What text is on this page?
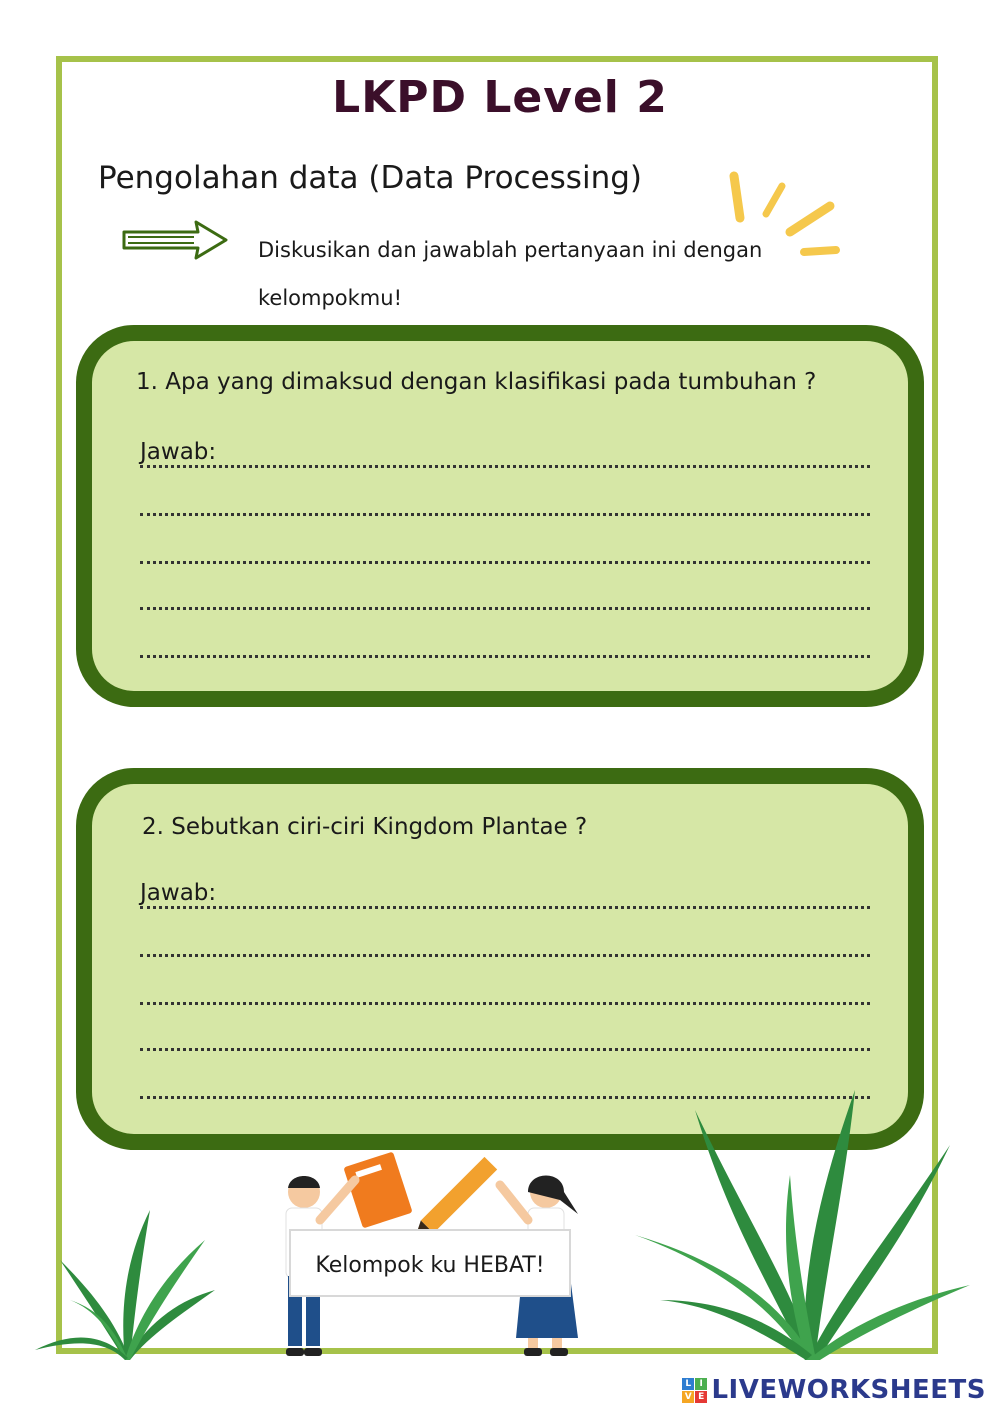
LKPD Level 2
Pengolahan data (Data Processing)
Diskusikan dan jawablah pertanyaan ini dengan
kelompokmu!
1. Apa yang dimaksud dengan klasifikasi pada tumbuhan ?
Jawab:
2. Sebutkan ciri-ciri Kingdom Plantae ?
Jawab:
Kelompok ku HEBAT!
L I
V E LIVEWORKSHEETS
